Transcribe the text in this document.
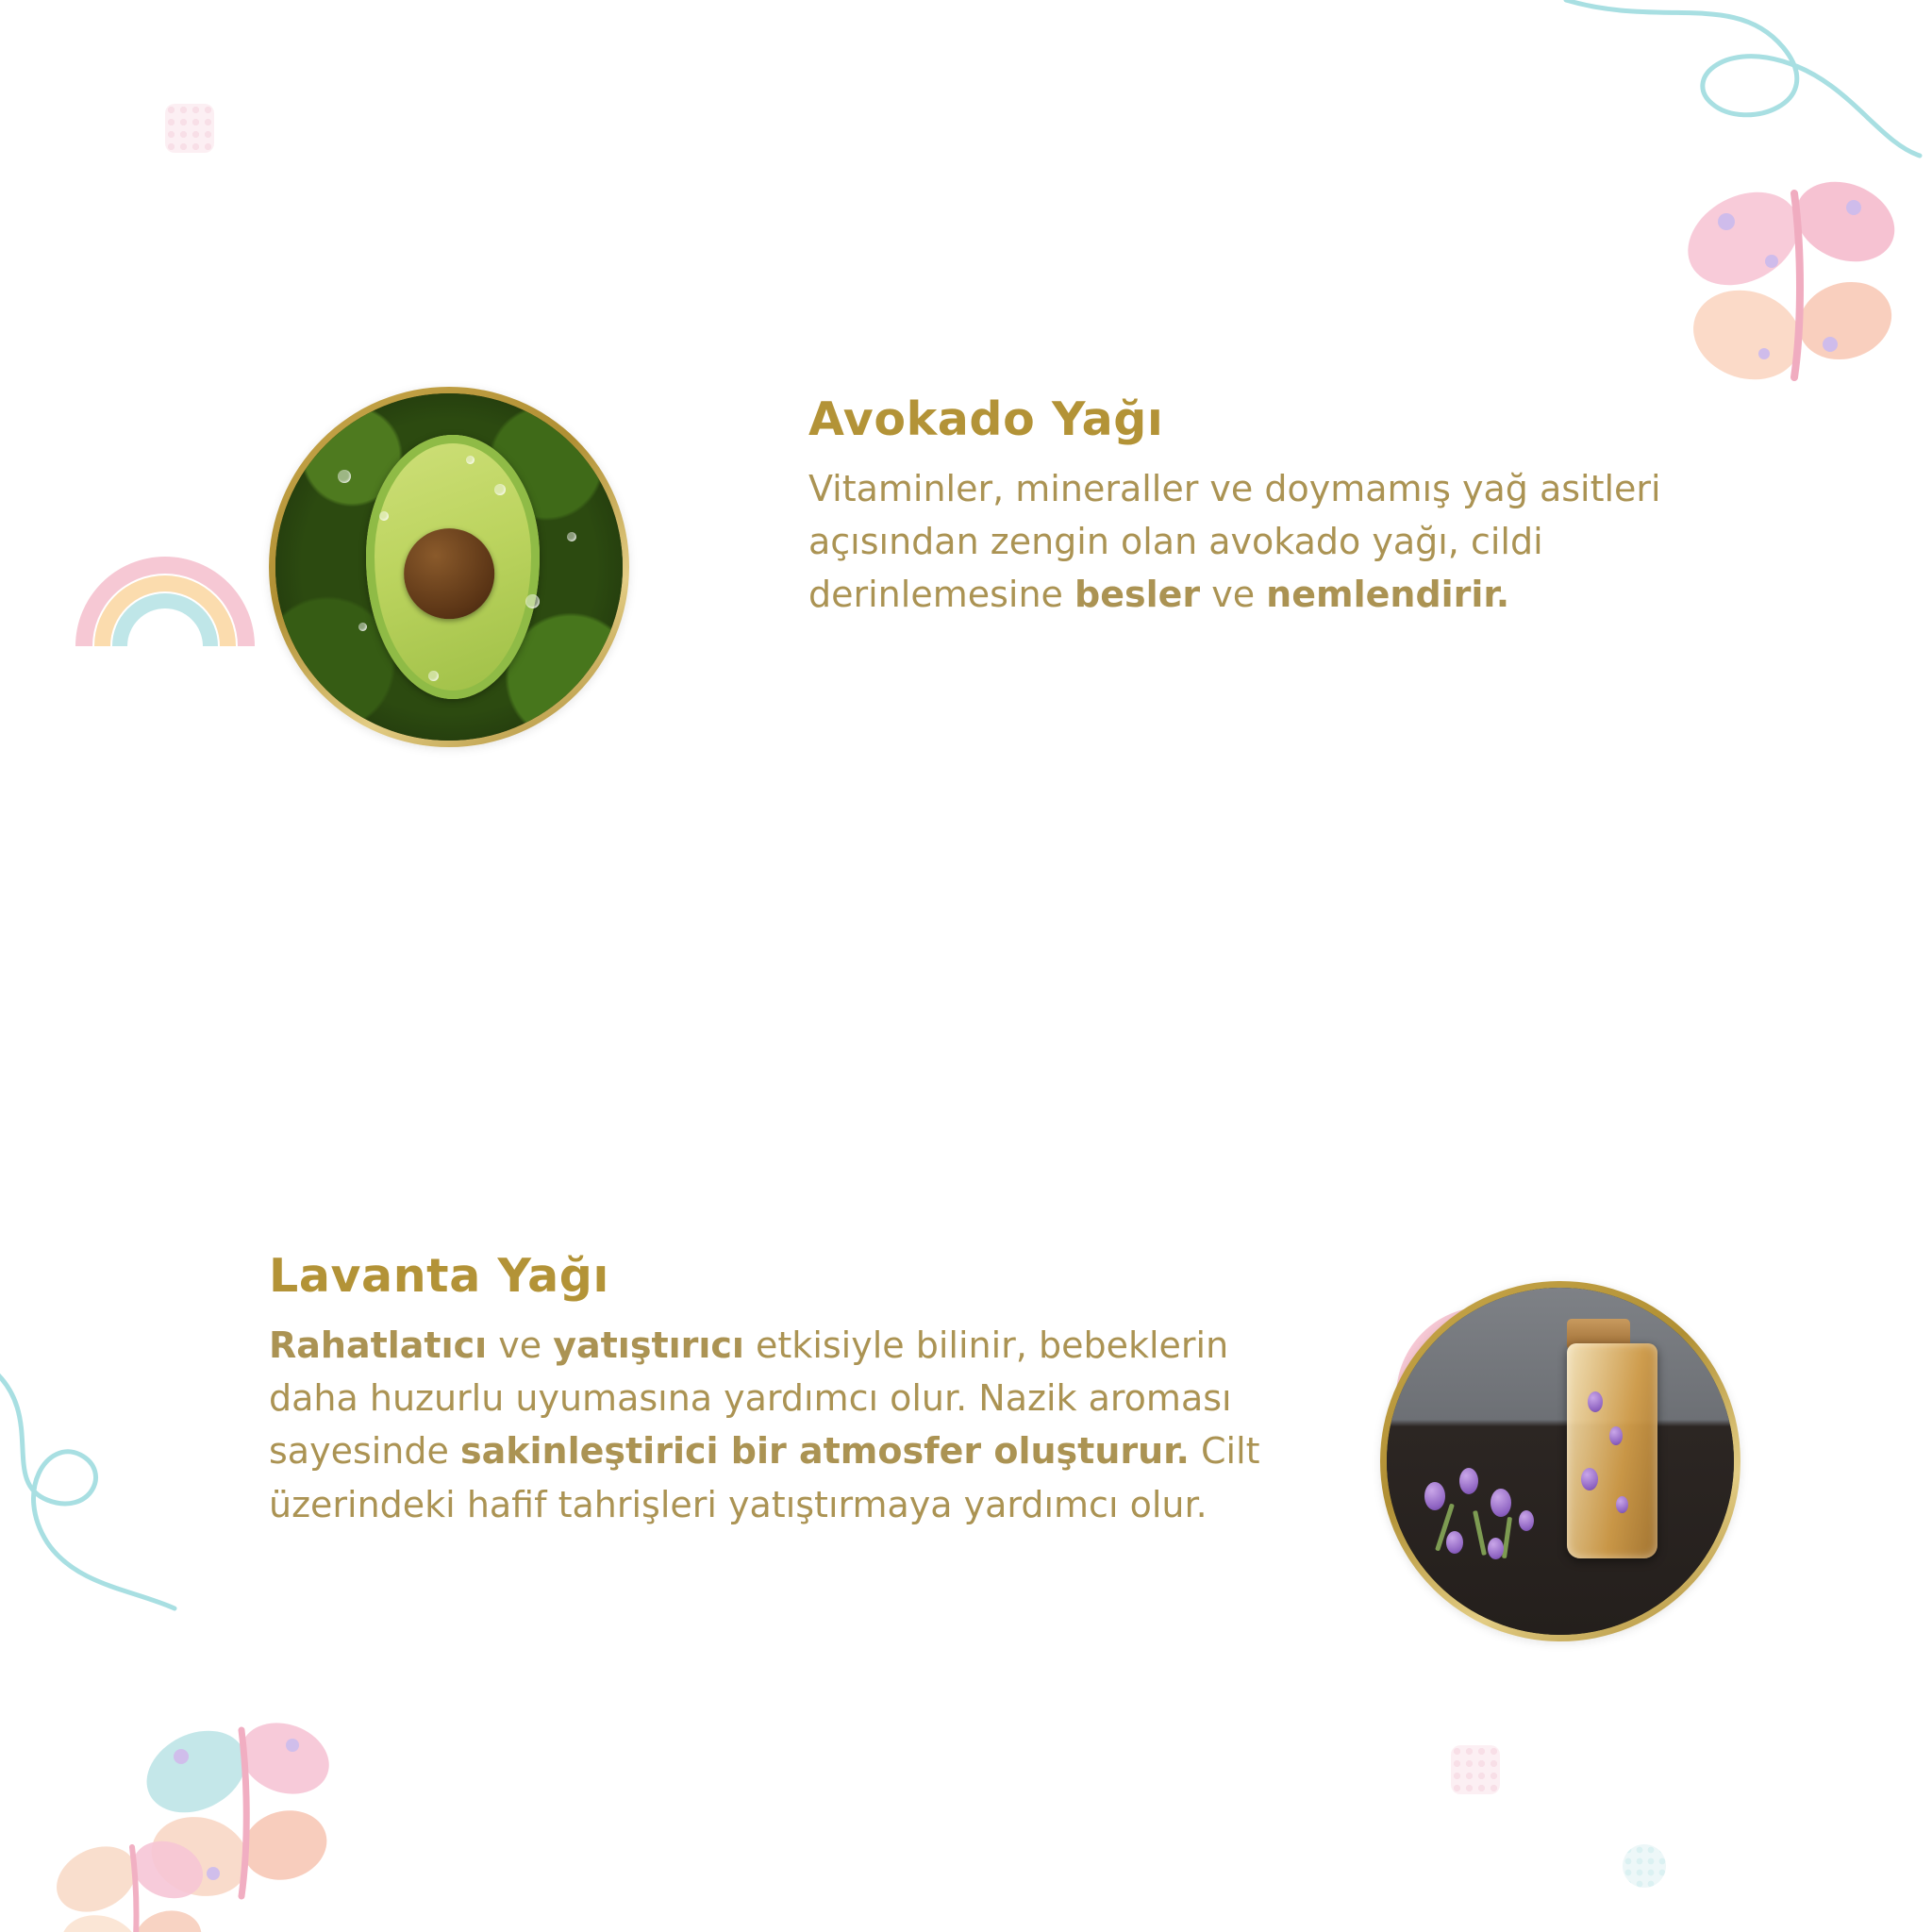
Avokado Yağı

Vitaminler, mineraller ve doymamış yağ asitleri açısından zengin olan avokado yağı, cildi derinlemesine besler ve nemlendirir.

Lavanta Yağı

Rahatlatıcı ve yatıştırıcı etkisiyle bilinir, bebeklerin daha huzurlu uyumasına yardımcı olur. Nazik aroması sayesinde sakinleştirici bir atmosfer oluşturur. Cilt üzerindeki hafif tahrişleri yatıştırmaya yardımcı olur.
